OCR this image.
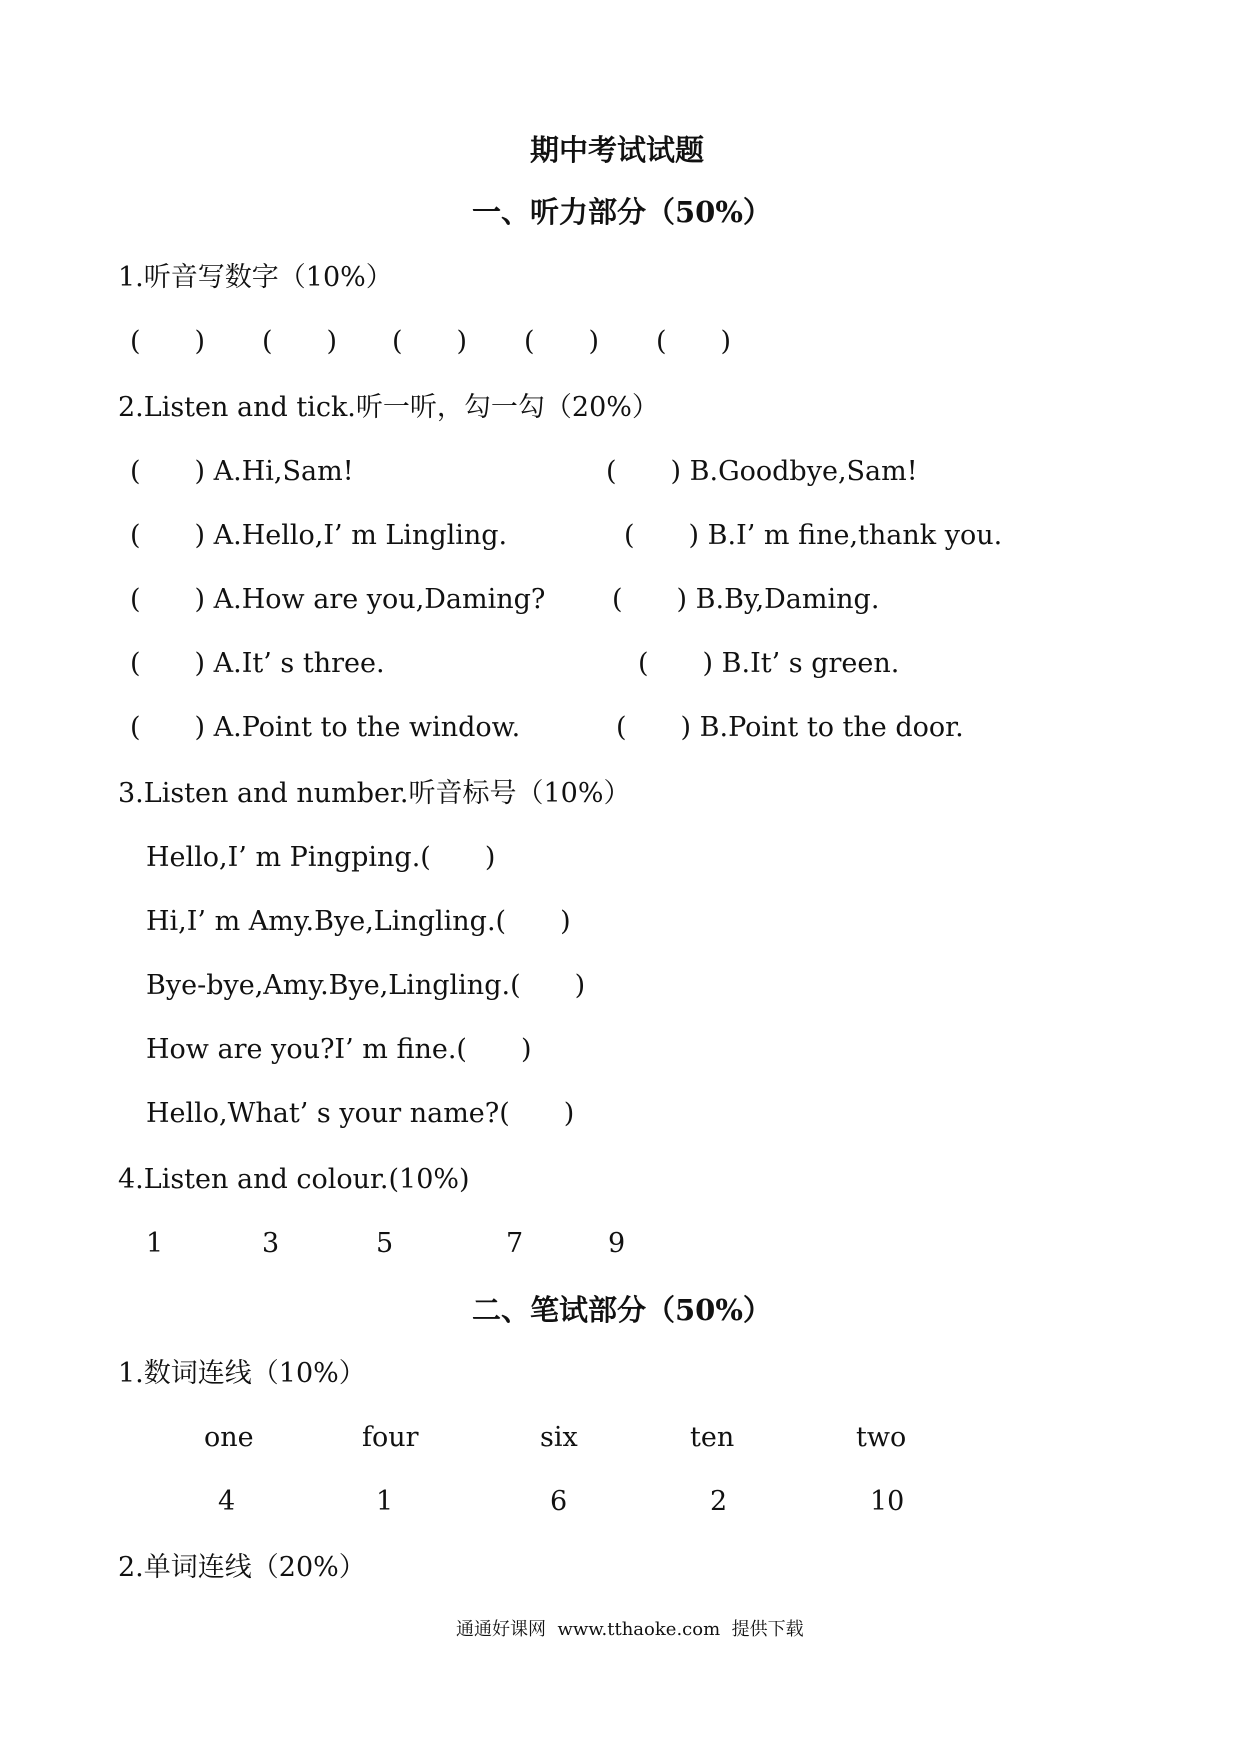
期中考试试题
一、听力部分（50%）
1.听音写数字（10%）
(　　) (　　) (　　) (　　) (　　)
2.Listen and tick.听一听，勾一勾（20%）
(　　) A.Hi,Sam!	(　　) B.Goodbye,Sam!
(　　) A.Hello,I’ m Lingling.	(　　) B.I’ m fine,thank you.
(　　) A.How are you,Daming? (　　) B.By,Daming.
(　　) A.It’ s three.	(　　) B.It’ s green.
(　　) A.Point to the window.	(　　) B.Point to the door.
3.Listen and number.听音标号（10%）
Hello,I’ m Pingping.(　　)
Hi,I’ m Amy.Bye,Lingling.(　　)
Bye-bye,Amy.Bye,Lingling.(　　)
How are you?I’ m fine.(　　)
Hello,What’ s your name?(　　)
4.Listen and colour.(10%)
1	3	5	7	9
二、笔试部分（50%）
1.数词连线（10%）
one	four	six	ten	two
4	1	6	2	10
2.单词连线（20%）
通通好课网  www.tthaoke.com  提供下载
